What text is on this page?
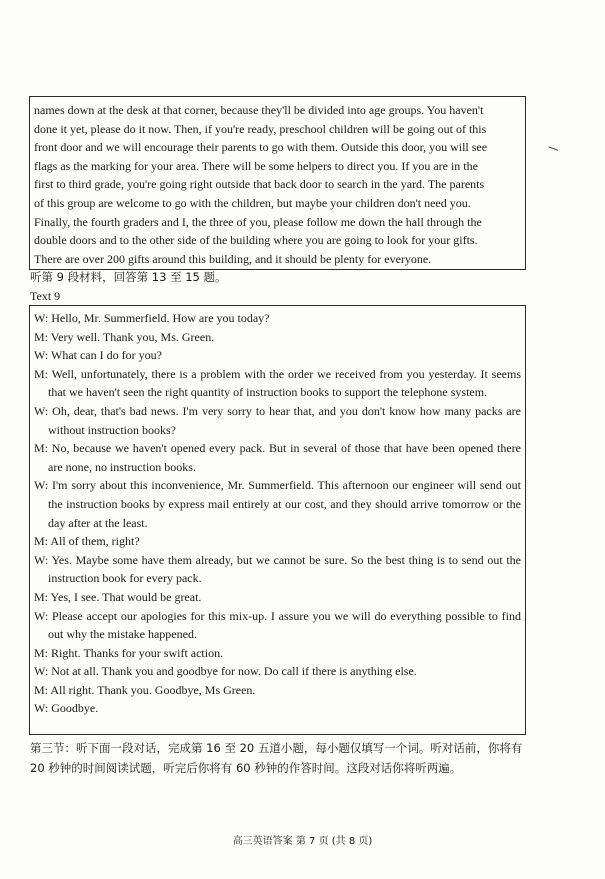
names down at the desk at that corner, because they'll be divided into age groups. You haven't
done it yet, please do it now. Then, if you're ready, preschool children will be going out of this
front door and we will encourage their parents to go with them. Outside this door, you will see
flags as the marking for your area. There will be some helpers to direct you. If you are in the
first to third grade, you're going right outside that back door to search in the yard. The parents
of this group are welcome to go with the children, but maybe your children don't need you.
Finally, the fourth graders and I, the three of you, please follow me down the hall through the
double doors and to the other side of the building where you are going to look for your gifts.
There are over 200 gifts around this building, and it should be plenty for everyone.
听第 9 段材料，回答第 13 至 15 题。
Text 9

W: Hello, Mr. Summerfield. How are you today?

M: Very well. Thank you, Ms. Green.

W: What can I do for you?

M: Well, unfortunately, there is a problem with the order we received from you yesterday. It seems that we haven't seen the right quantity of instruction books to support the telephone system.

W: Oh, dear, that's bad news. I'm very sorry to hear that, and you don't know how many packs are without instruction books?

M: No, because we haven't opened every pack. But in several of those that have been opened there are none, no instruction books.

W: I'm sorry about this inconvenience, Mr. Summerfield. This afternoon our engineer will send out the instruction books by express mail entirely at our cost, and they should arrive tomorrow or the day after at the least.

M: All of them, right?

W: Yes. Maybe some have them already, but we cannot be sure. So the best thing is to send out the instruction book for every pack.

M: Yes, I see. That would be great.

W: Please accept our apologies for this mix-up. I assure you we will do everything possible to find out why the mistake happened.

M: Right. Thanks for your swift action.

W: Not at all. Thank you and goodbye for now. Do call if there is anything else.

M: All right. Thank you. Goodbye, Ms Green.

W: Goodbye.

第三节：听下面一段对话，完成第 16 至 20 五道小题，每小题仅填写一个词。听对话前，你将有 20 秒钟的时间阅读试题，听完后你将有 60 秒钟的作答时间。这段对话你将听两遍。
高三英语答案 第 7 页 (共 8 页)
